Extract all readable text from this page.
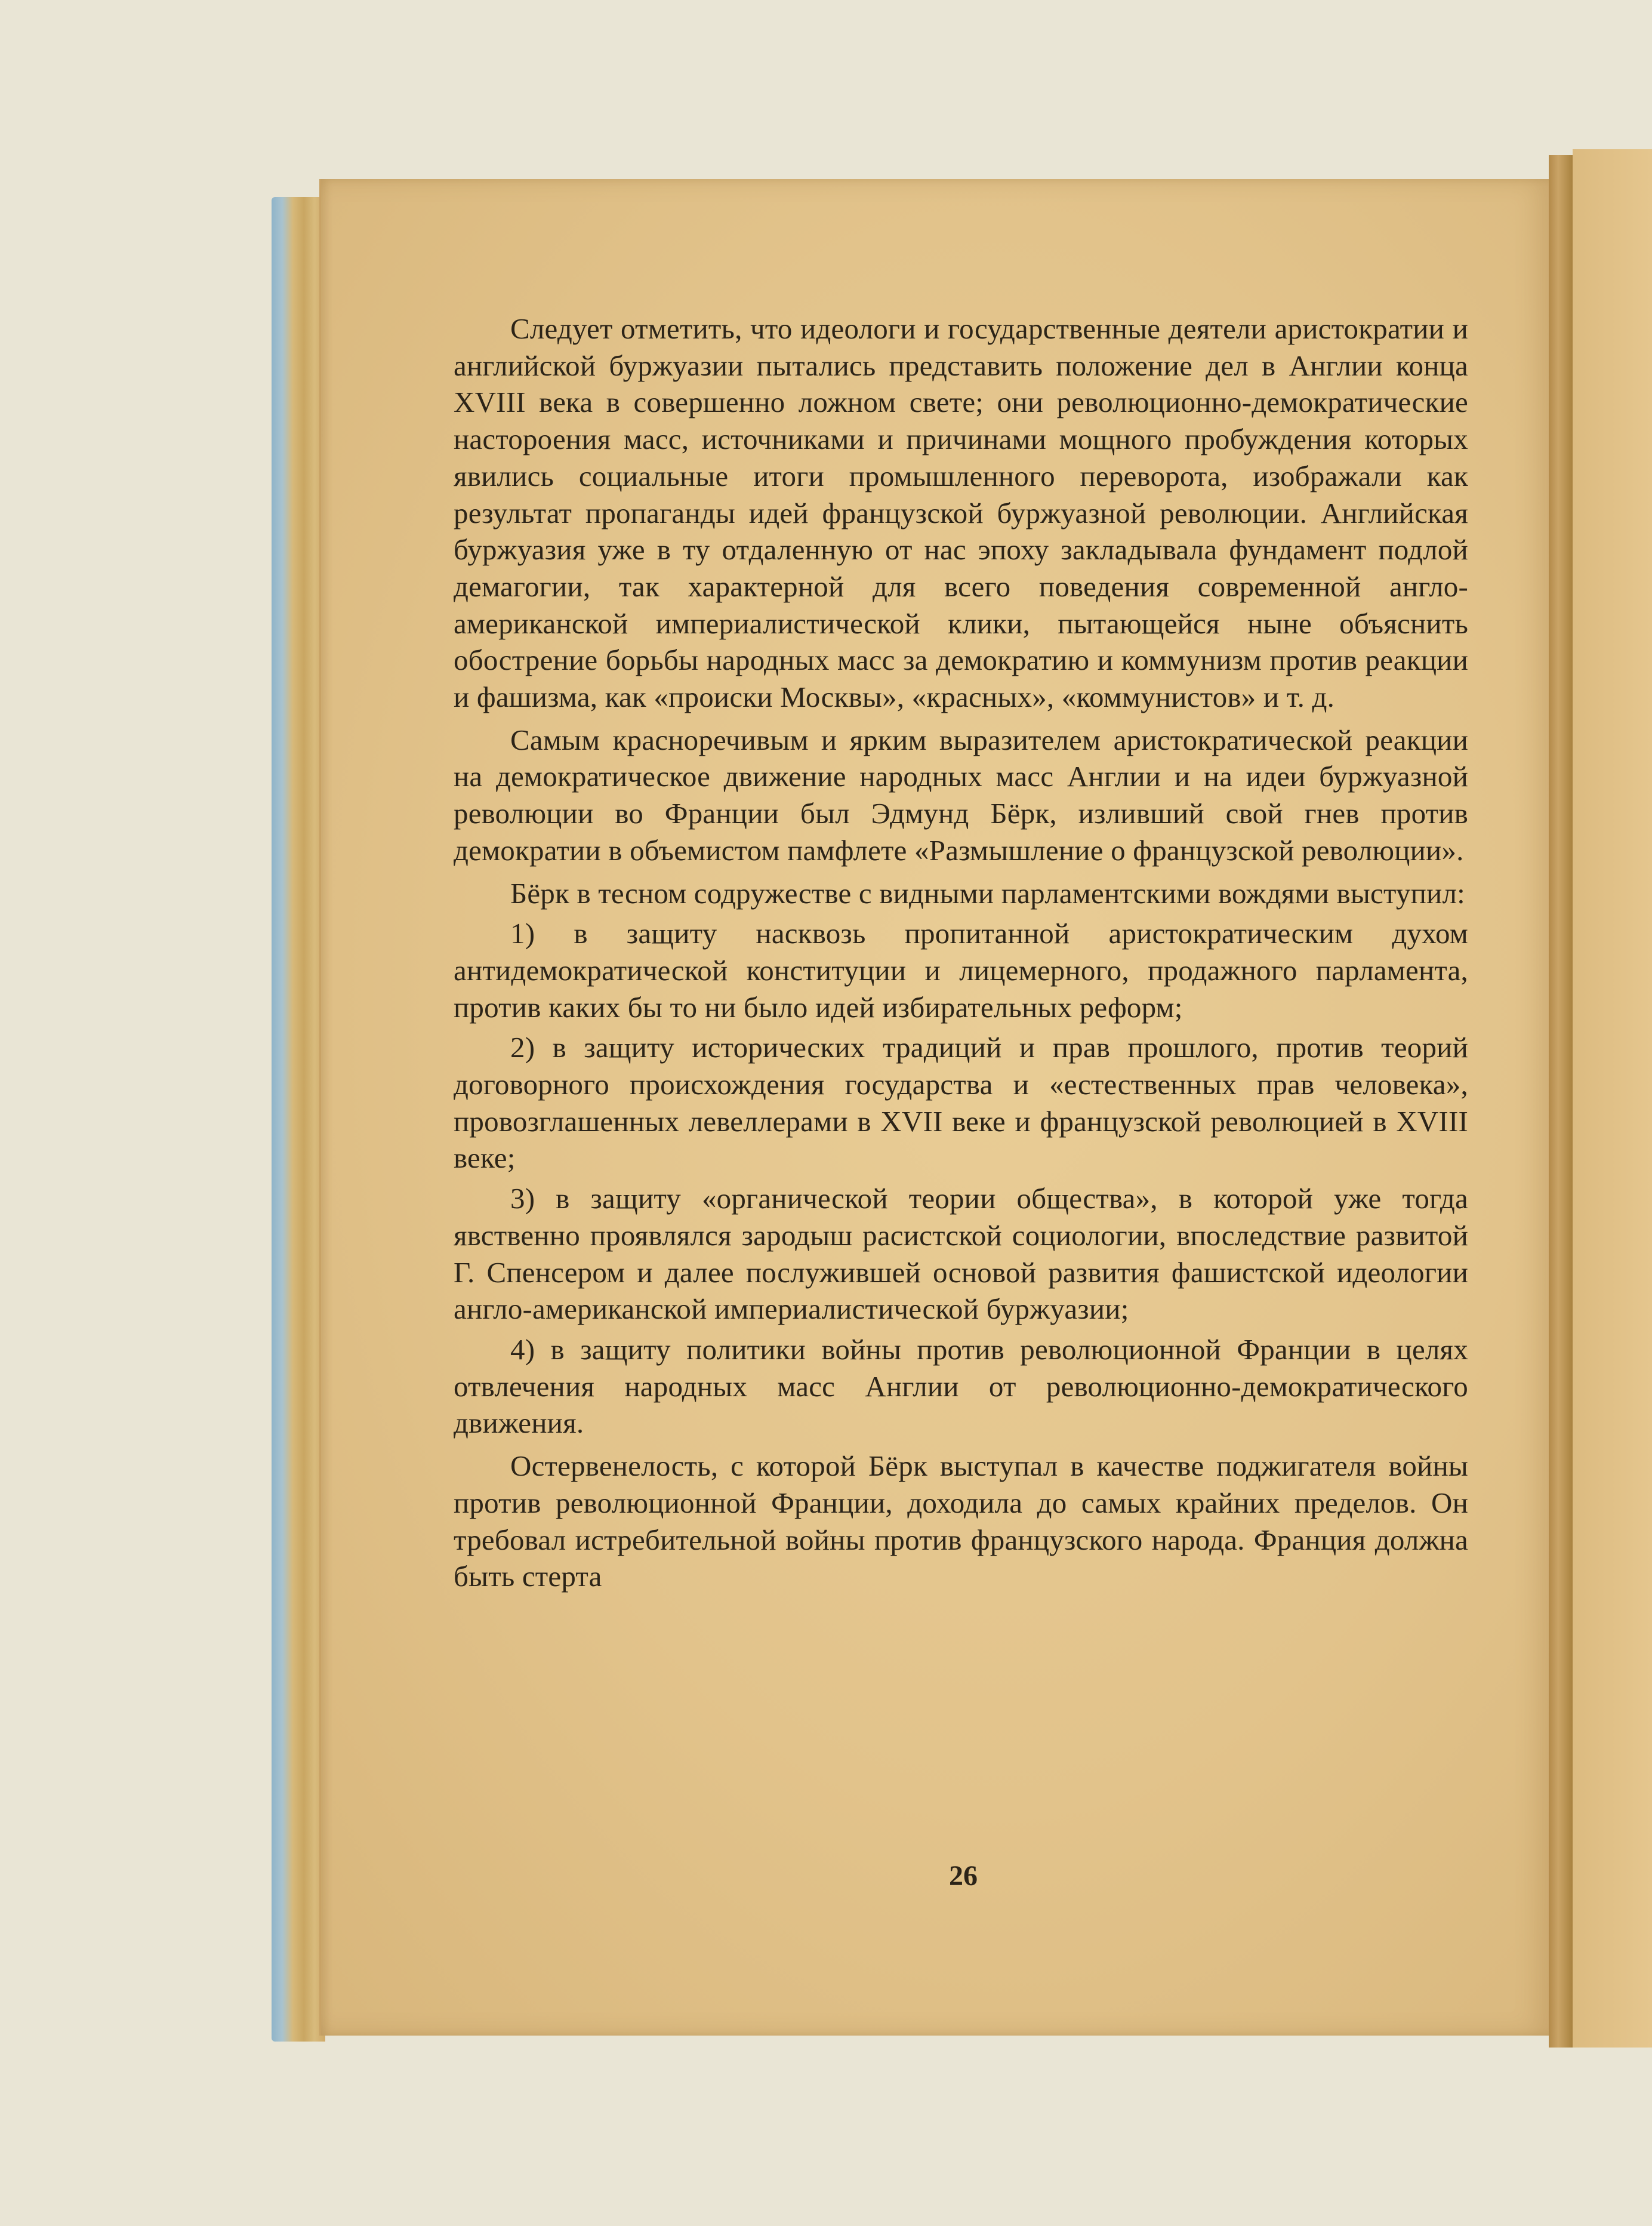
Следует отметить, что идеологи и государственные деятели аристократии и английской буржуазии пытались представить положение дел в Англии конца XVIII века в совершенно ложном свете; они революционно-демократические настороения масс, источниками и причинами мощного пробуждения которых явились социальные итоги промышленного переворота, изображали как результат пропаганды идей французской буржуазной революции. Английская буржуазия уже в ту отдаленную от нас эпоху закладывала фундамент подлой демагогии, так характерной для всего поведения современной англо-американской империалистической клики, пытающейся ныне объяснить обострение борьбы народных масс за демократию и коммунизм против реакции и фашизма, как «происки Москвы», «красных», «коммунистов» и т. д.

Самым красноречивым и ярким выразителем аристократической реакции на демократическое движение народных масс Англии и на идеи буржуазной революции во Франции был Эдмунд Бёрк, изливший свой гнев против демократии в объемистом памфлете «Размышление о французской революции».

Бёрк в тесном содружестве с видными парламентскими вождями выступил:

1) в защиту насквозь пропитанной аристократическим духом антидемократической конституции и лицемерного, продажного парламента, против каких бы то ни было идей избирательных реформ;

2) в защиту исторических традиций и прав прошлого, против теорий договорного происхождения государства и «естественных прав человека», провозглашенных левеллерами в XVII веке и французской революцией в XVIII веке;

3) в защиту «органической теории общества», в которой уже тогда явственно проявлялся зародыш расистской социологии, впоследствие развитой Г. Спенсером и далее послужившей основой развития фашистской идеологии англо-американской империалистической буржуазии;

4) в защиту политики войны против революционной Франции в целях отвлечения народных масс Англии от революционно-демократического движения.

Остервенелость, с которой Бёрк выступал в качестве поджигателя войны против революционной Франции, доходила до самых крайних пределов. Он требовал истребительной войны против французского народа. Франция должна быть стерта

26
